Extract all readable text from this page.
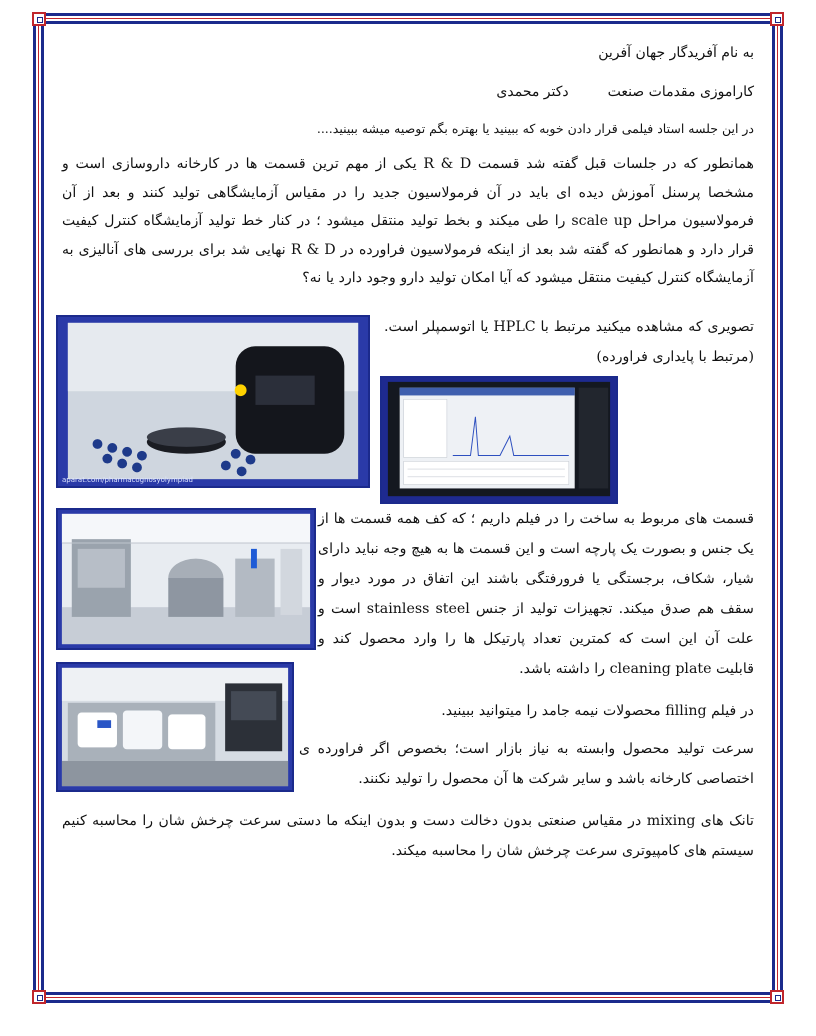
به نام آفریدگار جهان آفرین
کاراموزی مقدمات صنعت  دکتر محمدی
در این جلسه استاد فیلمی قرار دادن خوبه که ببینید یا بهتره بگم توصیه میشه ببینید....
همانطور که در جلسات قبل گفته شد قسمت R & D یکی از مهم ترین قسمت ها در کارخانه داروسازی است و مشخصا پرسنل آموزش دیده ای باید در آن فرمولاسیون جدید را در مقیاس آزمایشگاهی تولید کنند و بعد از آن فرمولاسیون مراحل scale up را طی میکند و بخط تولید منتقل میشود ؛ در کنار خط تولید آزمایشگاه کنترل کیفیت قرار دارد و همانطور که گفته شد بعد از اینکه فرمولاسیون فراورده در R & D نهایی شد برای بررسی های آنالیزی به آزمایشگاه کنترل کیفیت منتقل میشود که آیا امکان تولید دارو وجود دارد یا نه؟
aparat.com/pharmacognosyolympiad
تصویری که مشاهده میکنید مرتبط با HPLC یا اتوسمپلر است.(مرتبط با پایداری فراورده)
قسمت های مربوط به ساخت را در فیلم داریم ؛ که کف همه قسمت ها از یک جنس و بصورت یک پارچه است و این قسمت ها به هیچ وجه نباید دارای شیار، شکاف، برجستگی یا فرورفتگی باشند این اتفاق در مورد دیوار و سقف هم صدق میکند. تجهیزات تولید از جنس stainless steel است و علت آن این است که کمترین تعداد پارتیکل ها را وارد محصول کند و قابلیت cleaning plate را داشته باشد.
در فیلم filling محصولات نیمه جامد را میتوانید ببینید.
سرعت تولید محصول وابسته به نیاز بازار است؛ بخصوص اگر فراورده ی اختصاصی کارخانه باشد و سایر شرکت ها آن محصول را تولید نکنند.
تانک های mixing در مقیاس صنعتی بدون دخالت دست و بدون اینکه ما دستی سرعت چرخش شان را محاسبه کنیم سیستم های کامپیوتری سرعت چرخش شان را محاسبه میکند.
